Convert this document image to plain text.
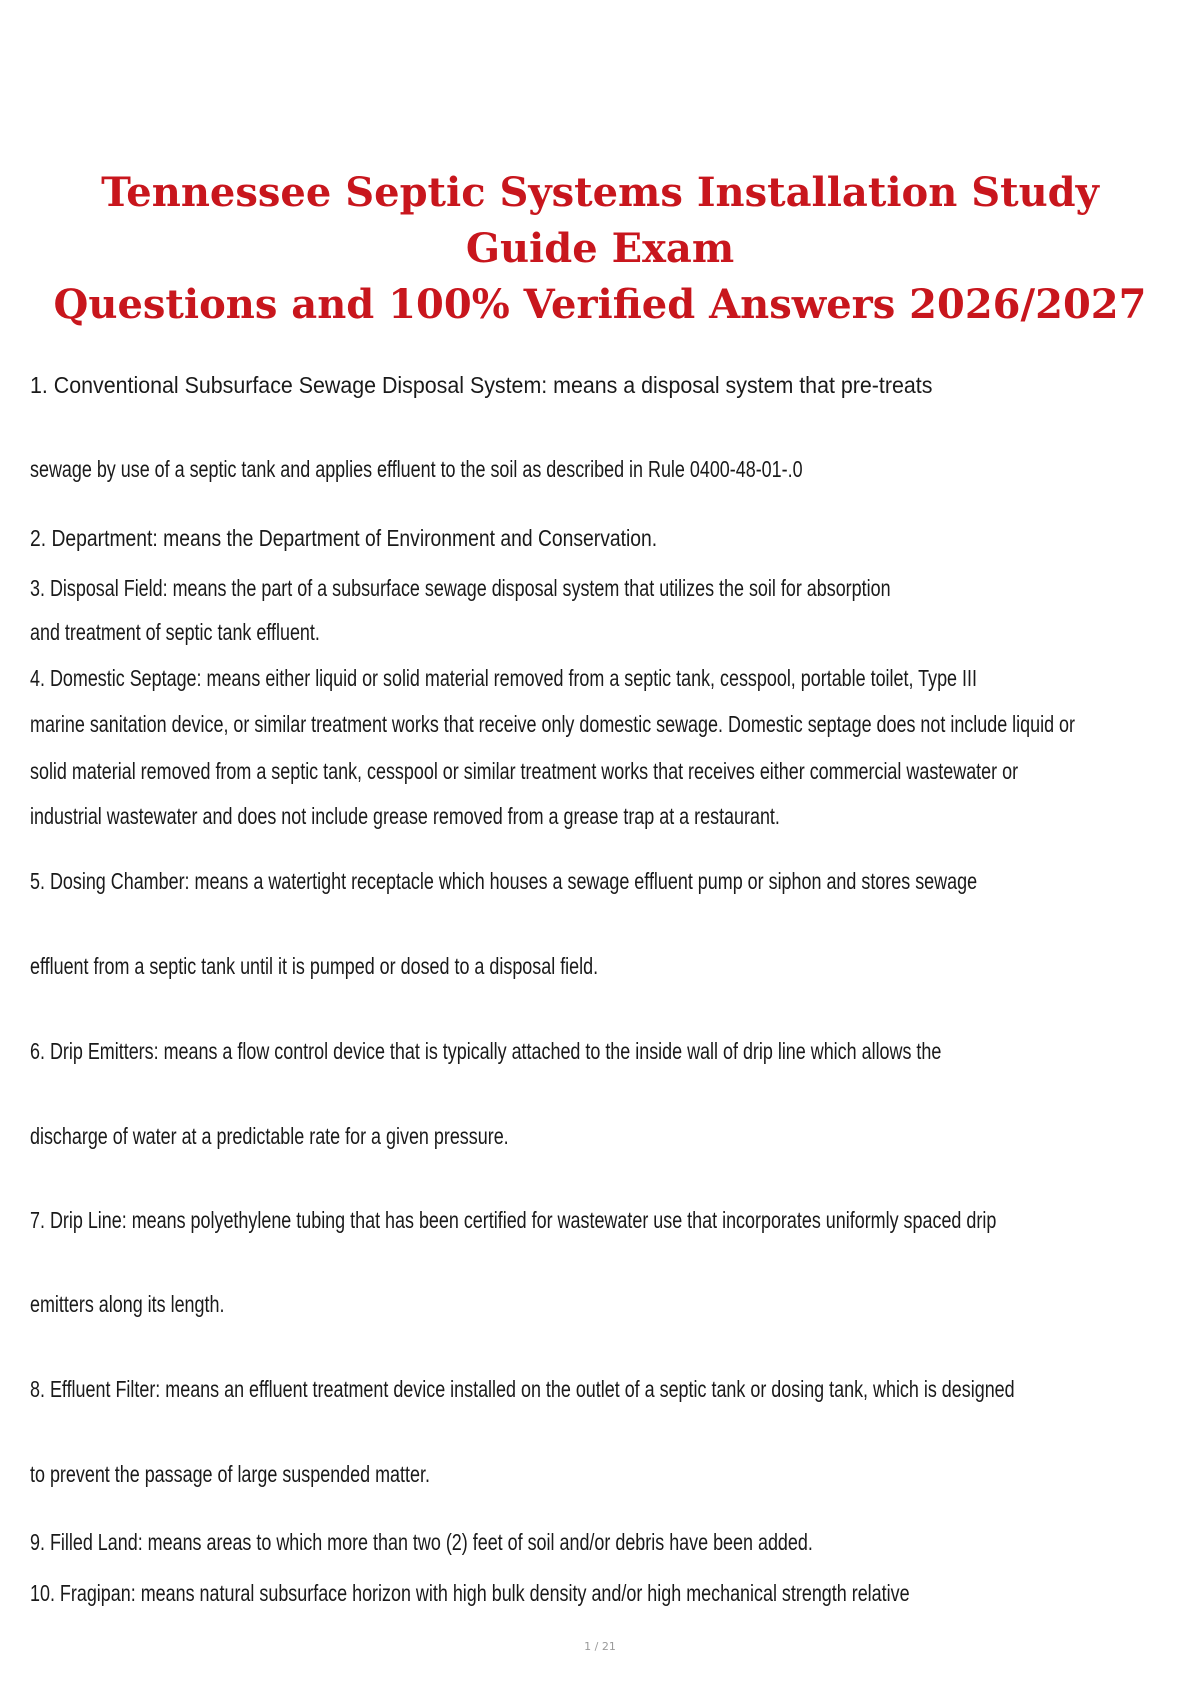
Tennessee Septic Systems Installation Study Guide Exam
Questions and 100% Verified Answers 2026/2027
1. Conventional Subsurface Sewage Disposal System: means a disposal system that pre-treats
sewage by use of a septic tank and applies effluent to the soil as described in Rule 0400-48-01-.0
2. Department: means the Department of Environment and Conservation.
3. Disposal Field: means the part of a subsurface sewage disposal system that utilizes the soil for absorption
and treatment of septic tank effluent.
4. Domestic Septage: means either liquid or solid material removed from a septic tank, cesspool, portable toilet, Type III
marine sanitation device, or similar treatment works that receive only domestic sewage. Domestic septage does not include liquid or
solid material removed from a septic tank, cesspool or similar treatment works that receives either commercial wastewater or
industrial wastewater and does not include grease removed from a grease trap at a restaurant.
5. Dosing Chamber: means a watertight receptacle which houses a sewage effluent pump or siphon and stores sewage
effluent from a septic tank until it is pumped or dosed to a disposal field.
6. Drip Emitters: means a flow control device that is typically attached to the inside wall of drip line which allows the
discharge of water at a predictable rate for a given pressure.
7. Drip Line: means polyethylene tubing that has been certified for wastewater use that incorporates uniformly spaced drip
emitters along its length.
8. Effluent Filter: means an effluent treatment device installed on the outlet of a septic tank or dosing tank, which is designed
to prevent the passage of large suspended matter.
9. Filled Land: means areas to which more than two (2) feet of soil and/or debris have been added.
10. Fragipan: means natural subsurface horizon with high bulk density and/or high mechanical strength relative
1 / 21
